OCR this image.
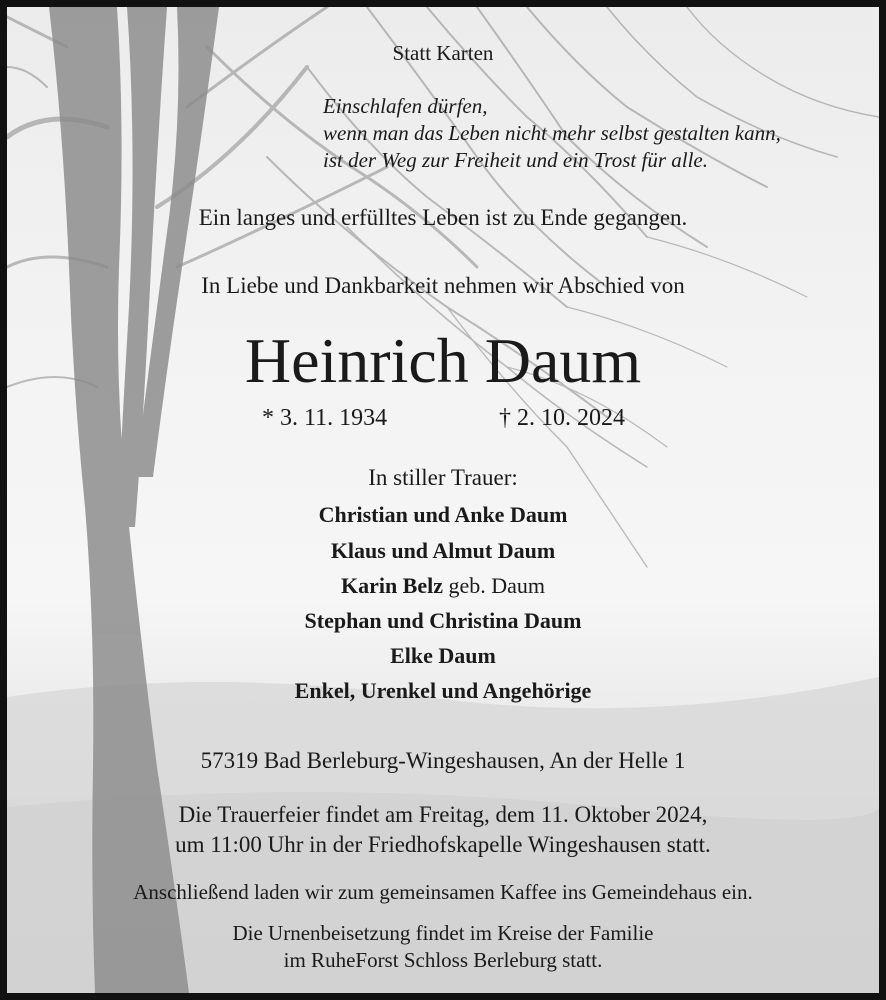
Statt Karten
Einschlafen dürfen,
wenn man das Leben nicht mehr selbst gestalten kann,
ist der Weg zur Freiheit und ein Trost für alle.
Ein langes und erfülltes Leben ist zu Ende gegangen.
In Liebe und Dankbarkeit nehmen wir Abschied von
Heinrich Daum
* 3. 11. 1934	† 2. 10. 2024
In stiller Trauer:
Christian und Anke Daum
Klaus und Almut Daum
Karin Belz geb. Daum
Stephan und Christina Daum
Elke Daum
Enkel, Urenkel und Angehörige
57319 Bad Berleburg-Wingeshausen, An der Helle 1
Die Trauerfeier findet am Freitag, dem 11. Oktober 2024,
um 11:00 Uhr in der Friedhofskapelle Wingeshausen statt.
Anschließend laden wir zum gemeinsamen Kaffee ins Gemeindehaus ein.
Die Urnenbeisetzung findet im Kreise der Familie
im RuheForst Schloss Berleburg statt.
